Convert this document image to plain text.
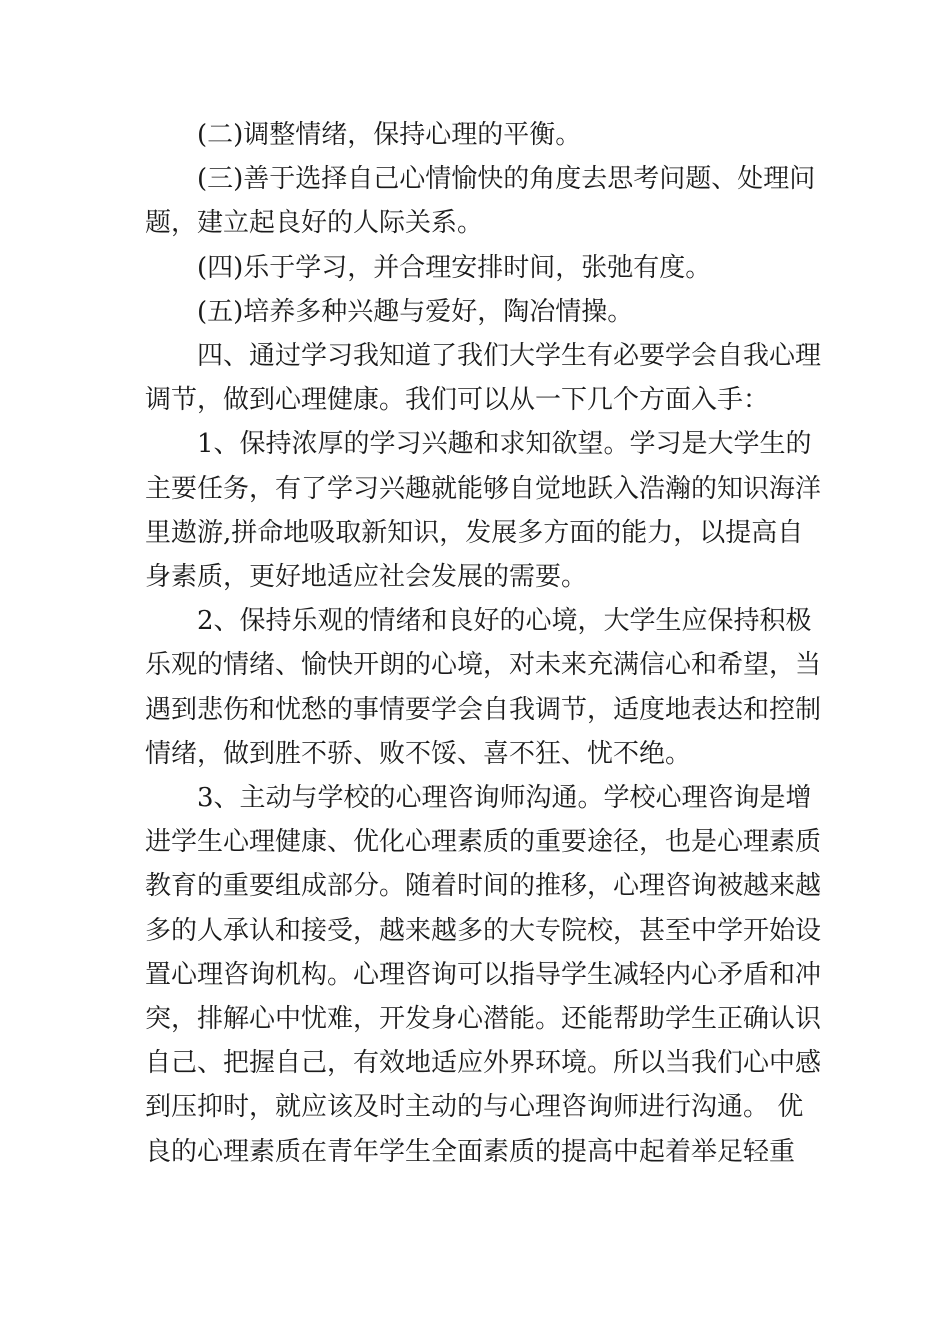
(二)调整情绪，保持心理的平衡。
(三)善于选择自己心情愉快的角度去思考问题、处理问
题，建立起良好的人际关系。
(四)乐于学习，并合理安排时间，张弛有度。
(五)培养多种兴趣与爱好，陶冶情操。
四、通过学习我知道了我们大学生有必要学会自我心理
调节，做到心理健康。我们可以从一下几个方面入手：
1、保持浓厚的学习兴趣和求知欲望。学习是大学生的
主要任务，有了学习兴趣就能够自觉地跃入浩瀚的知识海洋
里遨游,拼命地吸取新知识，发展多方面的能力，以提高自
身素质，更好地适应社会发展的需要。
2、保持乐观的情绪和良好的心境，大学生应保持积极
乐观的情绪、愉快开朗的心境，对未来充满信心和希望，当
遇到悲伤和忧愁的事情要学会自我调节，适度地表达和控制
情绪，做到胜不骄、败不馁、喜不狂、忧不绝。
3、主动与学校的心理咨询师沟通。学校心理咨询是增
进学生心理健康、优化心理素质的重要途径，也是心理素质
教育的重要组成部分。随着时间的推移，心理咨询被越来越
多的人承认和接受，越来越多的大专院校，甚至中学开始设
置心理咨询机构。心理咨询可以指导学生减轻内心矛盾和冲
突，排解心中忧难，开发身心潜能。还能帮助学生正确认识
自己、把握自己，有效地适应外界环境。所以当我们心中感
到压抑时，就应该及时主动的与心理咨询师进行沟通。 优
良的心理素质在青年学生全面素质的提高中起着举足轻重
